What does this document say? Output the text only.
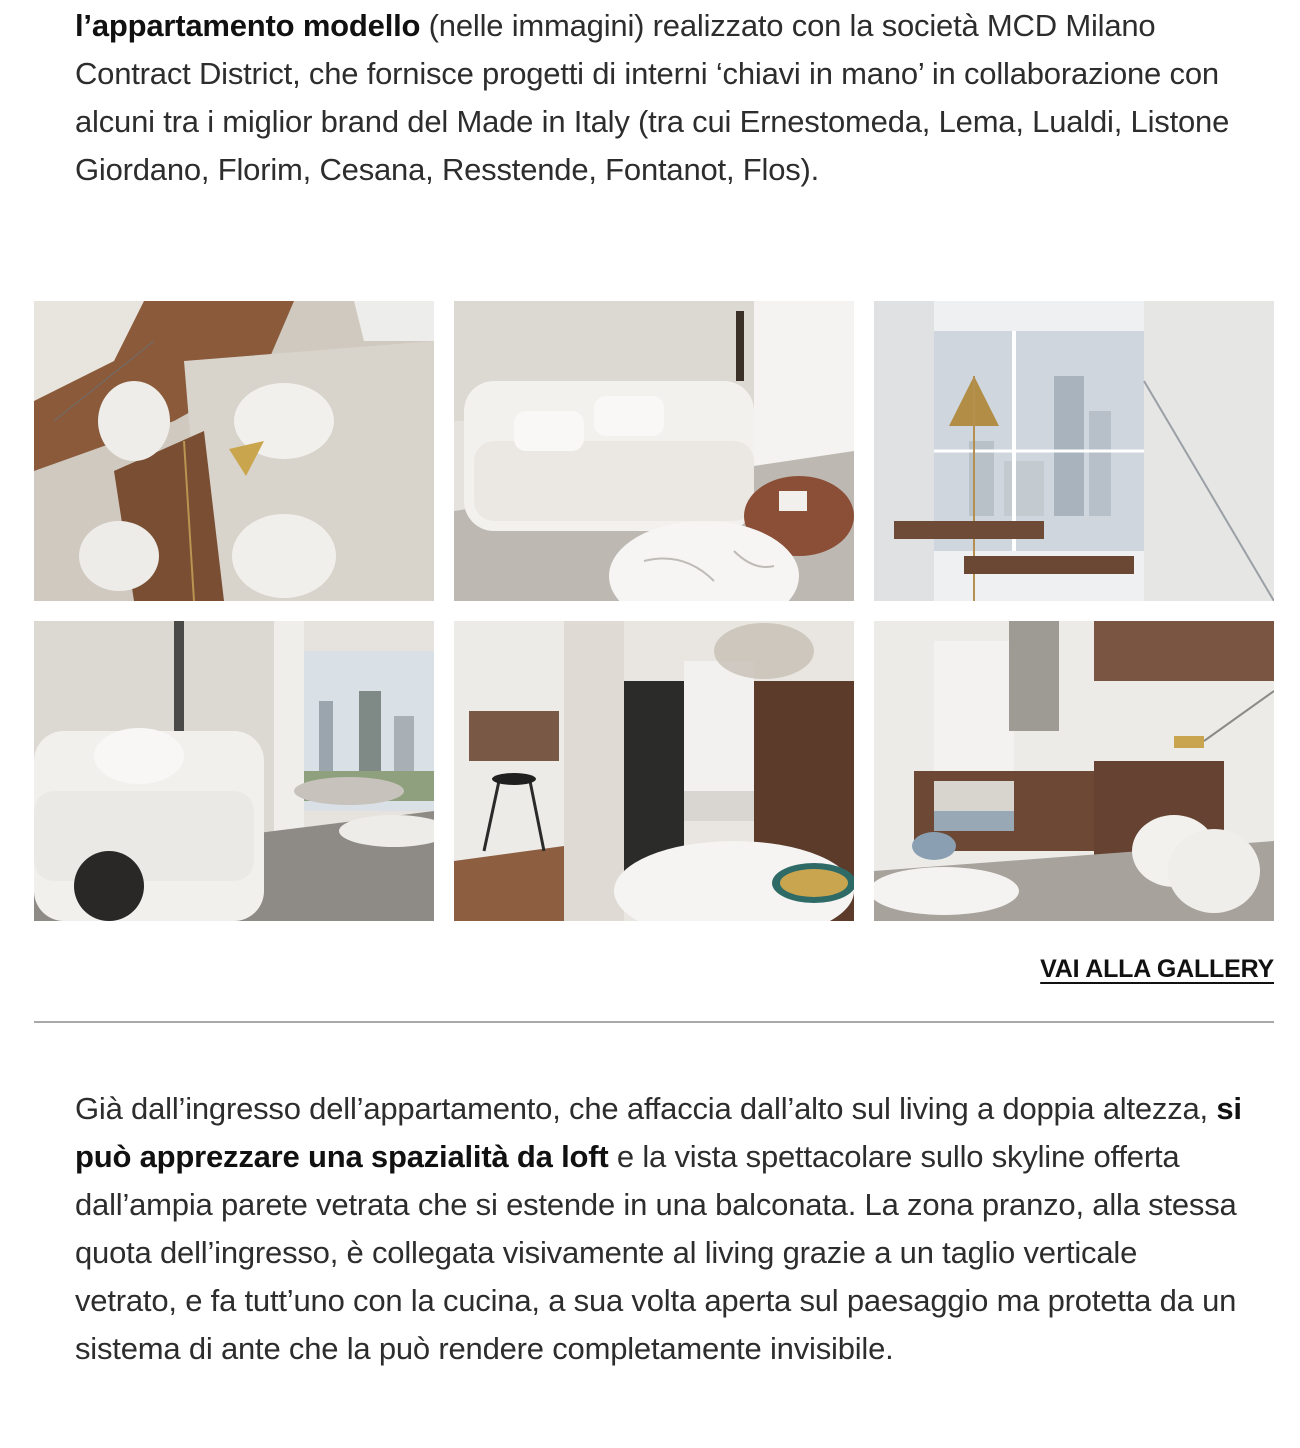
l’appartamento modello (nelle immagini) realizzato con la società MCD Milano Contract District, che fornisce progetti di interni ‘chiavi in mano’ in collaborazione con alcuni tra i miglior brand del Made in Italy (tra cui Ernestomeda, Lema, Lualdi, Listone Giordano, Florim, Cesana, Resstende, Fontanot, Flos).

VAI ALLA GALLERY

Già dall’ingresso dell’appartamento, che affaccia dall’alto sul living a doppia altezza, si può apprezzare una spazialità da loft e la vista spettacolare sullo skyline offerta dall’ampia parete vetrata che si estende in una balconata. La zona pranzo, alla stessa quota dell’ingresso, è collegata visivamente al living grazie a un taglio verticale vetrato, e fa tutt’uno con la cucina, a sua volta aperta sul paesaggio ma protetta da un sistema di ante che la può rendere completamente invisibile.
